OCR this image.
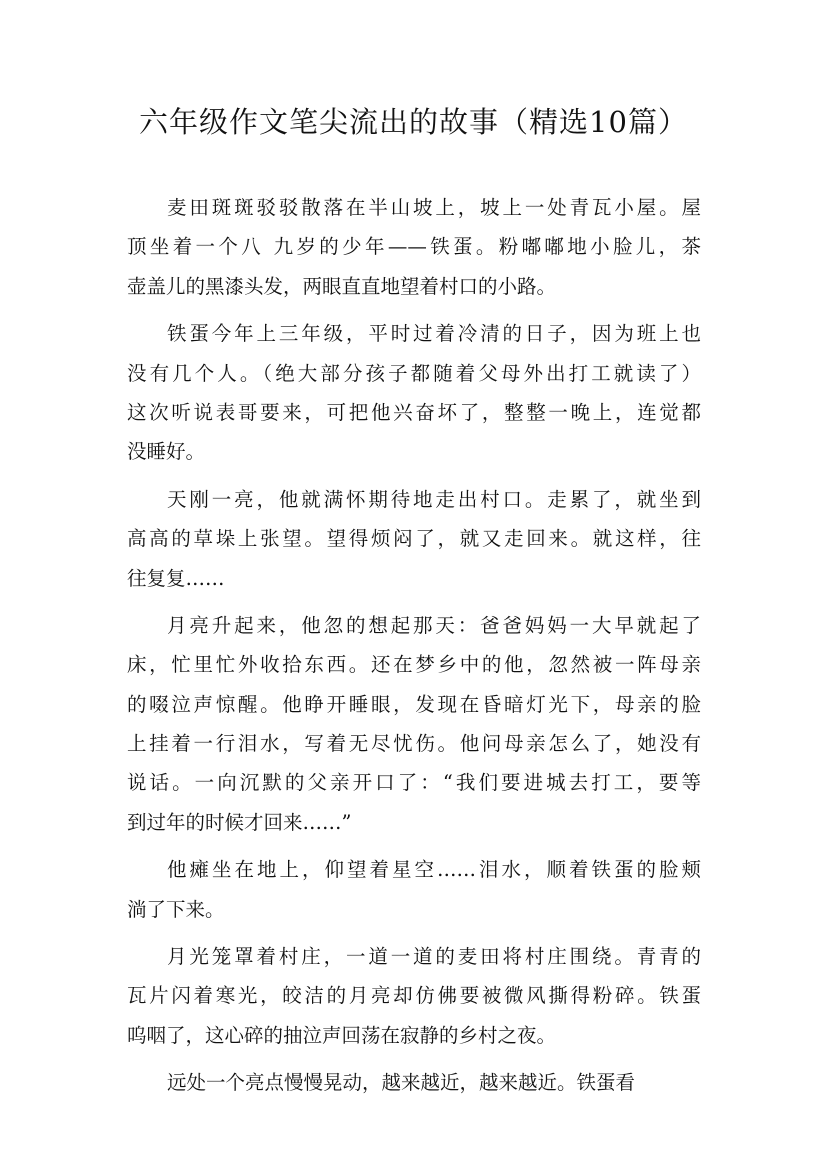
六年级作文笔尖流出的故事（精选10篇）
麦田斑斑驳驳散落在半山坡上，坡上一处青瓦小屋。屋
顶坐着一个八 九岁的少年——铁蛋。粉嘟嘟地小脸儿，茶
壶盖儿的黑漆头发，两眼直直地望着村口的小路。
铁蛋今年上三年级，平时过着冷清的日子，因为班上也
没有几个人。（绝大部分孩子都随着父母外出打工就读了）
这次听说表哥要来，可把他兴奋坏了，整整一晚上，连觉都
没睡好。
天刚一亮，他就满怀期待地走出村口。走累了，就坐到
高高的草垛上张望。望得烦闷了，就又走回来。就这样，往
往复复……
月亮升起来，他忽的想起那天：爸爸妈妈一大早就起了
床，忙里忙外收拾东西。还在梦乡中的他，忽然被一阵母亲
的啜泣声惊醒。他睁开睡眼，发现在昏暗灯光下，母亲的脸
上挂着一行泪水，写着无尽忧伤。他问母亲怎么了，她没有
说话。一向沉默的父亲开口了：“我们要进城去打工，要等
到过年的时候才回来……”
他瘫坐在地上，仰望着星空……泪水，顺着铁蛋的脸颊
淌了下来。
月光笼罩着村庄，一道一道的麦田将村庄围绕。青青的
瓦片闪着寒光，皎洁的月亮却仿佛要被微风撕得粉碎。铁蛋
呜咽了，这心碎的抽泣声回荡在寂静的乡村之夜。
远处一个亮点慢慢晃动，越来越近，越来越近。铁蛋看
